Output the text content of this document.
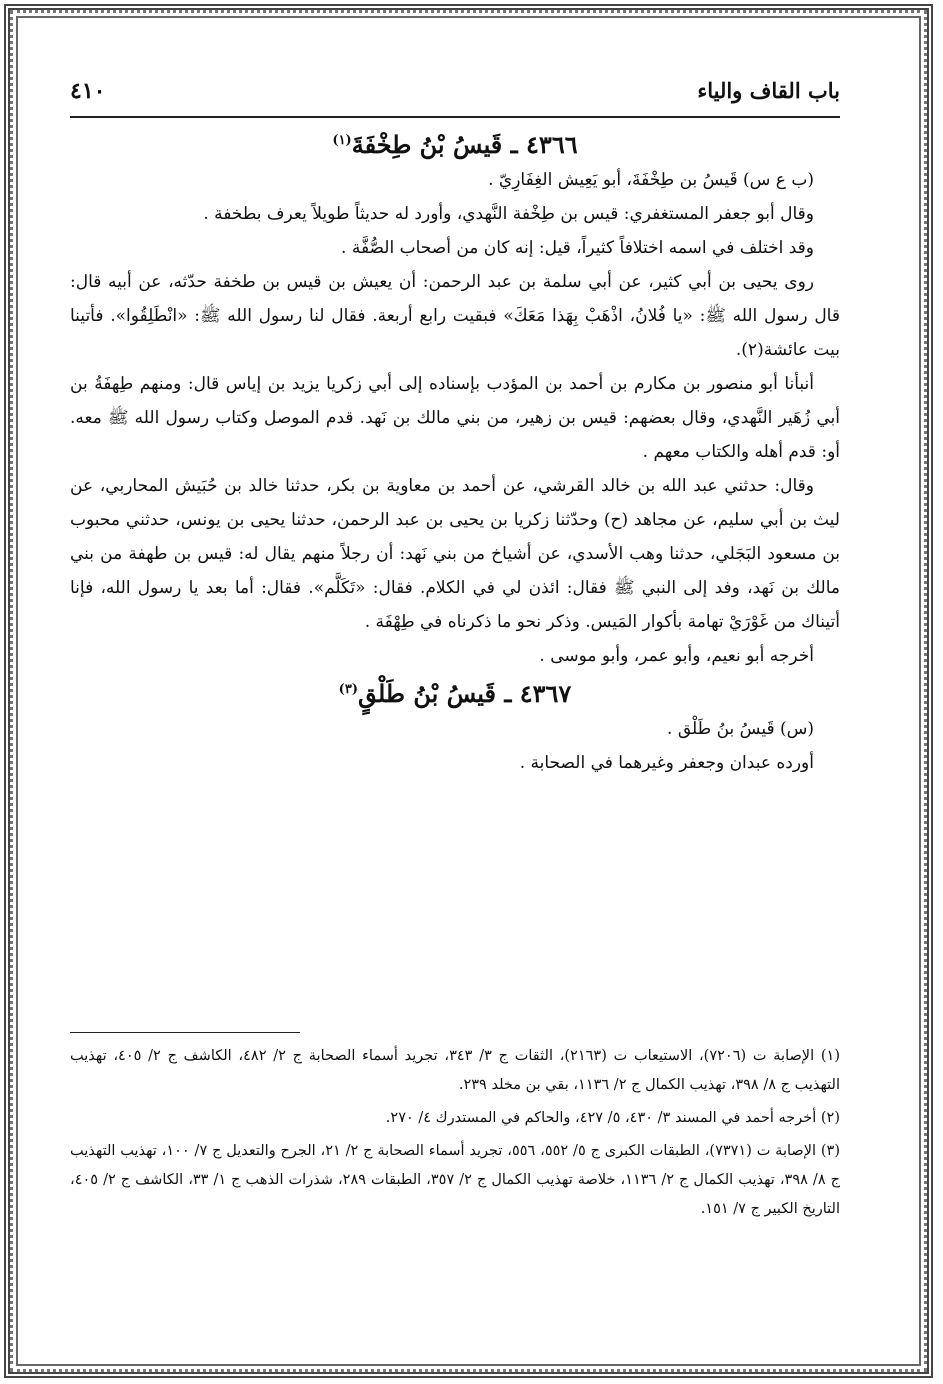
باب القاف والياء
٤١٠
٤٣٦٦ ـ قَيسُ بْنُ طِخْفَةَ$^{(١)}$

(ب ع س) قَيسُ بن طِخْفَةَ، أبو يَعِيش الغِفَارِيّ .

وقال أبو جعفر المستغفري: قيس بن طِخْفة النَّهدي، وأورد له حديثاً طويلاً يعرف بطخفة .

وقد اختلف في اسمه اختلافاً كثيراً، قيل: إنه كان من أصحاب الصُّفَّة .

روى يحيى بن أبي كثير، عن أبي سلمة بن عبد الرحمن: أن يعيش بن قيس بن طخفة حدّثه، عن أبيه قال: قال رسول الله ﷺ: «يا فُلانُ، اذْهَبْ بِهَذا مَعَكَ» فبقيت رابع أربعة. فقال لنا رسول الله ﷺ: «انْطَلِقُوا». فأتينا بيت عائشة(٢).

أنبأنا أبو منصور بن مكارم بن أحمد بن المؤدب بإسناده إلى أبي زكريا يزيد بن إياس قال: ومنهم طِهفَةُ بن أبي زُهَير النَّهدي، وقال بعضهم: قيس بن زهير، من بني مالك بن نَهد. قدم الموصل وكتاب رسول الله ﷺ معه. أو: قدم أهله والكتاب معهم .

وقال: حدثني عبد الله بن خالد القرشي، عن أحمد بن معاوية بن بكر، حدثنا خالد بن حُبَيش المحاربي، عن ليث بن أبي سليم، عن مجاهد (ح) وحدّثنا زكريا بن يحيى بن عبد الرحمن، حدثنا يحيى بن يونس، حدثني محبوب بن مسعود البَجَلي، حدثنا وهب الأسدي، عن أشياخ من بني نَهد: أن رجلاً منهم يقال له: قيس بن طهفة من بني مالك بن نَهد، وفد إلى النبي ﷺ فقال: ائذن لي في الكلام. فقال: «تَكَلَّم». فقال: أما بعد يا رسول الله، فإنا أتيناك من غَوْرَيْ تهامة بأكوار المَيس. وذكر نحو ما ذكرناه في طِهْفَة .

أخرجه أبو نعيم، وأبو عمر، وأبو موسى .

٤٣٦٧ ـ قَيسُ بْنُ طَلْقٍ$^{(٣)}$

(س) قَيسُ بنُ طَلْق .

أورده عبدان وجعفر وغيرهما في الصحابة .

(١) الإصابة ت (٧٢٠٦)، الاستيعاب ت (٢١٦٣)، الثقات ج ٣/ ٣٤٣، تجريد أسماء الصحابة ج ٢/ ٤٨٢، الكاشف ج ٢/ ٤٠٥، تهذيب التهذيب ج ٨/ ٣٩٨، تهذيب الكمال ج ٢/ ١١٣٦، بقي بن مخلد ٢٣٩.

(٢) أخرجه أحمد في المسند ٣/ ٤٣٠، ٥/ ٤٢٧، والحاكم في المستدرك ٤/ ٢٧٠.

(٣) الإصابة ت (٧٣٧١)، الطبقات الكبرى ج ٥/ ٥٥٢، ٥٥٦، تجريد أسماء الصحابة ج ٢/ ٢١، الجرح والتعديل ج ٧/ ١٠٠، تهذيب التهذيب ج ٨/ ٣٩٨، تهذيب الكمال ج ٢/ ١١٣٦، خلاصة تهذيب الكمال ج ٢/ ٣٥٧، الطبقات ٢٨٩، شذرات الذهب ج ١/ ٣٣، الكاشف ج ٢/ ٤٠٥، التاريخ الكبير ج ٧/ ١٥١.
